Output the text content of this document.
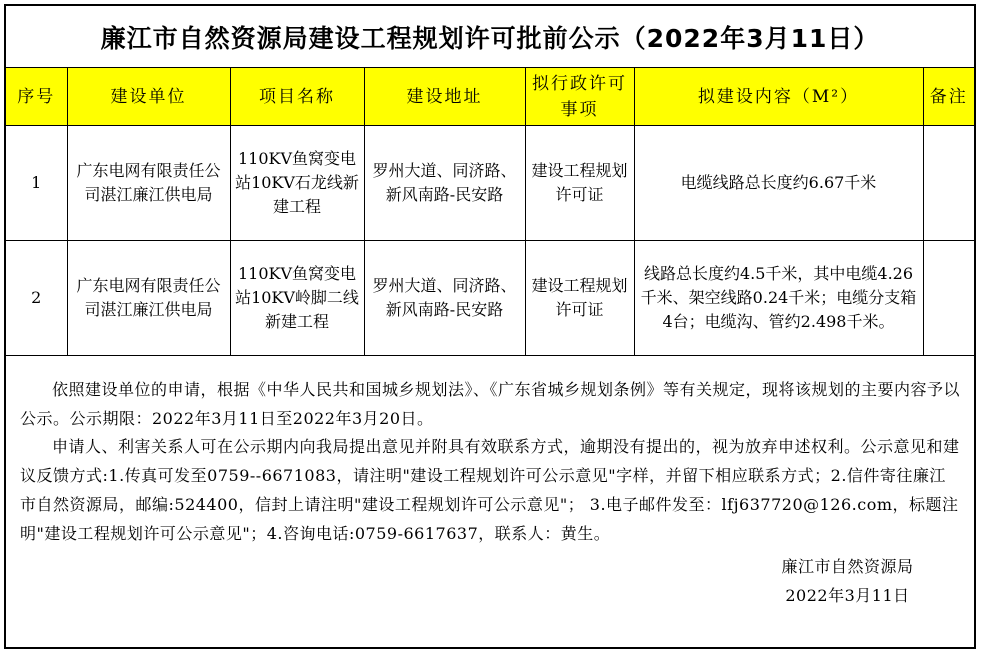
廉江市自然资源局建设工程规划许可批前公示（2022年3月11日）
序号	建设单位	项目名称	建设地址	拟行政许可事项	拟建设内容（M²）	备注
1	广东电网有限责任公司湛江廉江供电局	110KV鱼窝变电站10KV石龙线新建工程	罗州大道、同济路、新风南路-民安路	建设工程规划许可证	电缆线路总长度约6.67千米	
2	广东电网有限责任公司湛江廉江供电局	110KV鱼窝变电站10KV岭脚二线新建工程	罗州大道、同济路、新风南路-民安路	建设工程规划许可证	线路总长度约4.5千米，其中电缆4.26千米、架空线路0.24千米；电缆分支箱4台；电缆沟、管约2.498千米。	

依照建设单位的申请，根据《中华人民共和国城乡规划法》、《广东省城乡规划条例》等有关规定，现将该规划的主要内容予以公示。公示期限：2022年3月11日至2022年3月20日。

申请人、利害关系人可在公示期内向我局提出意见并附具有效联系方式，逾期没有提出的，视为放弃申述权利。公示意见和建议反馈方式:1.传真可发至0759--6671083，请注明"建设工程规划许可公示意见"字样，并留下相应联系方式；2.信件寄往廉江市自然资源局，邮编:524400，信封上请注明"建设工程规划许可公示意见"； 3.电子邮件发至：lfj637720@126.com，标题注明"建设工程规划许可公示意见"；4.咨询电话:0759-6617637，联系人：黄生。

廉江市自然资源局
2022年3月11日
